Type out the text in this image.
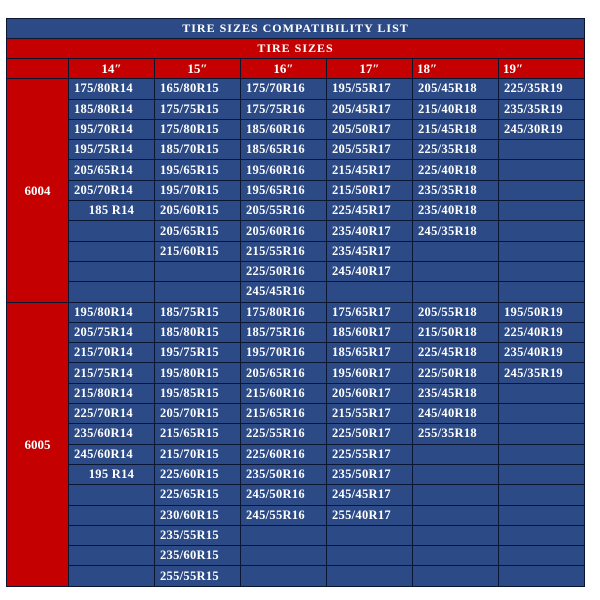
TIRE SIZES COMPATIBILITY LIST						
TIRE SIZES						
	14″	15″	16″	17″	18″	19″
6004	175/80R14	165/80R15	175/70R16	195/55R17	205/45R18	225/35R19
	185/80R14	175/75R15	175/75R16	205/45R17	215/40R18	235/35R19
	195/70R14	175/80R15	185/60R16	205/50R17	215/45R18	245/30R19
	195/75R14	185/70R15	185/65R16	205/55R17	225/35R18	
	205/65R14	195/65R15	195/60R16	215/45R17	225/40R18	
	205/70R14	195/70R15	195/65R16	215/50R17	235/35R18	
	185 R14	205/60R15	205/55R16	225/45R17	235/40R18	
		205/65R15	205/60R16	235/40R17	245/35R18	
		215/60R15	215/55R16	235/45R17		
			225/50R16	245/40R17		
			245/45R16			
6005	195/80R14	185/75R15	175/80R16	175/65R17	205/55R18	195/50R19
	205/75R14	185/80R15	185/75R16	185/60R17	215/50R18	225/40R19
	215/70R14	195/75R15	195/70R16	185/65R17	225/45R18	235/40R19
	215/75R14	195/80R15	205/65R16	195/60R17	225/50R18	245/35R19
	215/80R14	195/85R15	215/60R16	205/60R17	235/45R18	
	225/70R14	205/70R15	215/65R16	215/55R17	245/40R18	
	235/60R14	215/65R15	225/55R16	225/50R17	255/35R18	
	245/60R14	215/70R15	225/60R16	225/55R17		
	195 R14	225/60R15	235/50R16	235/50R17		
		225/65R15	245/50R16	245/45R17		
		230/60R15	245/55R16	255/40R17		
		235/55R15				
		235/60R15				
		255/55R15				
